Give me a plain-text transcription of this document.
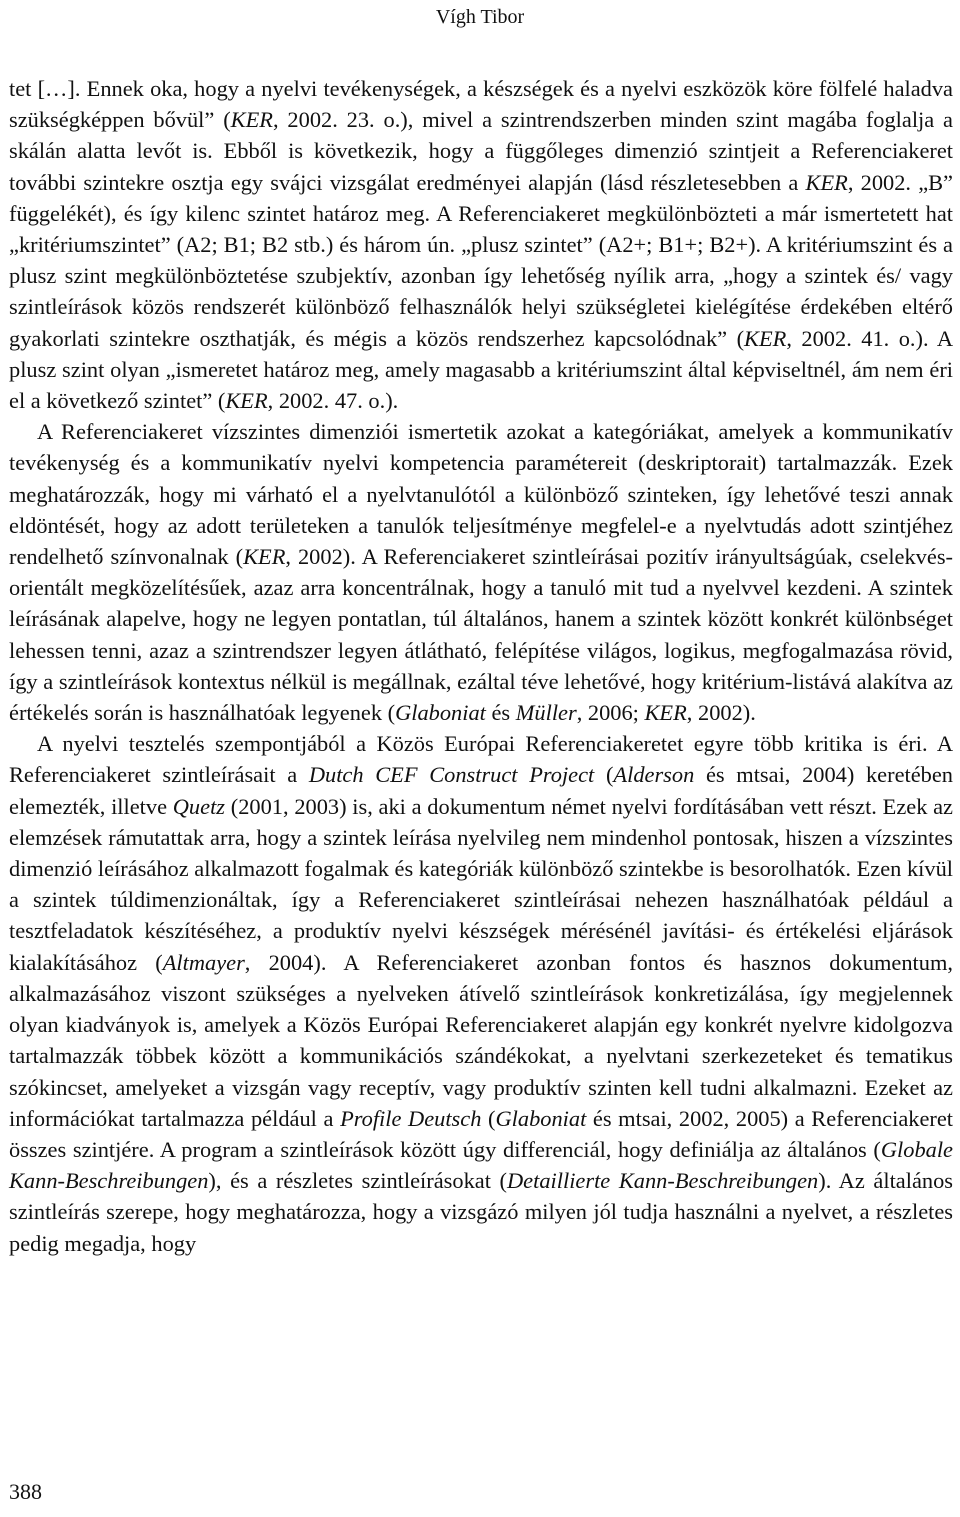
Vígh Tibor

tet […]. Ennek oka, hogy a nyelvi tevékenységek, a készségek és a nyelvi eszközök köre fölfelé haladva szükségképpen bővül” (KER, 2002. 23. o.), mivel a szintrendszerben minden szint magába foglalja a skálán alatta levőt is. Ebből is következik, hogy a függőleges dimenzió szintjeit a Referenciakeret további szintekre osztja egy svájci vizsgálat eredményei alapján (lásd részletesebben a KER, 2002. „B” függelékét), és így kilenc szintet határoz meg. A Referenciakeret megkülönbözteti a már ismertetett hat „kritériumszintet” (A2; B1; B2 stb.) és három ún. „plusz szintet” (A2+; B1+; B2+). A kritériumszint és a plusz szint megkülönböztetése szubjektív, azonban így lehetőség nyílik arra, „hogy a szintek és/ vagy szintleírások közös rendszerét különböző felhasználók helyi szükségletei kielégítése érdekében eltérő gyakorlati szintekre oszthatják, és mégis a közös rendszerhez kapcsolódnak” (KER, 2002. 41. o.). A plusz szint olyan „ismeretet határoz meg, amely magasabb a kritériumszint által képviseltnél, ám nem éri el a következő szintet” (KER, 2002. 47. o.).

A Referenciakeret vízszintes dimenziói ismertetik azokat a kategóriákat, amelyek a kommunikatív tevékenység és a kommunikatív nyelvi kompetencia paramétereit (deskriptorait) tartalmazzák. Ezek meghatározzák, hogy mi várható el a nyelvtanulótól a különböző szinteken, így lehetővé teszi annak eldöntését, hogy az adott területeken a tanulók teljesítménye megfelel-e a nyelvtudás adott szintjéhez rendelhető színvonalnak (KER, 2002). A Referenciakeret szintleírásai pozitív irányultságúak, cselekvés-orientált megközelítésűek, azaz arra koncentrálnak, hogy a tanuló mit tud a nyelvvel kezdeni. A szintek leírásának alapelve, hogy ne legyen pontatlan, túl általános, hanem a szintek között konkrét különbséget lehessen tenni, azaz a szintrendszer legyen átlátható, felépítése világos, logikus, megfogalmazása rövid, így a szintleírások kontextus nélkül is megállnak, ezáltal téve lehetővé, hogy kritérium-listává alakítva az értékelés során is használhatóak legyenek (Glaboniat és Müller, 2006; KER, 2002).

A nyelvi tesztelés szempontjából a Közös Európai Referenciakeretet egyre több kritika is éri. A Referenciakeret szintleírásait a Dutch CEF Construct Project (Alderson és mtsai, 2004) keretében elemezték, illetve Quetz (2001, 2003) is, aki a dokumentum német nyelvi fordításában vett részt. Ezek az elemzések rámutattak arra, hogy a szintek leírása nyelvileg nem mindenhol pontosak, hiszen a vízszintes dimenzió leírásához alkalmazott fogalmak és kategóriák különböző szintekbe is besorolhatók. Ezen kívül a szintek túldimenzionáltak, így a Referenciakeret szintleírásai nehezen használhatóak például a tesztfeladatok készítéséhez, a produktív nyelvi készségek mérésénél javítási- és értékelési eljárások kialakításához (Altmayer, 2004). A Referenciakeret azonban fontos és hasznos dokumentum, alkalmazásához viszont szükséges a nyelveken átívelő szintleírások konkretizálása, így megjelennek olyan kiadványok is, amelyek a Közös Európai Referenciakeret alapján egy konkrét nyelvre kidolgozva tartalmazzák többek között a kommunikációs szándékokat, a nyelvtani szerkezeteket és tematikus szókincset, amelyeket a vizsgán vagy receptív, vagy produktív szinten kell tudni alkalmazni. Ezeket az információkat tartalmazza például a Profile Deutsch (Glaboniat és mtsai, 2002, 2005) a Referenciakeret összes szintjére. A program a szintleírások között úgy differenciál, hogy definiálja az általános (Globale Kann-Beschreibungen), és a részletes szintleírásokat (Detaillierte Kann-Beschreibungen). Az általános szintleírás szerepe, hogy meghatározza, hogy a vizsgázó milyen jól tudja használni a nyelvet, a részletes pedig megadja, hogy

388
